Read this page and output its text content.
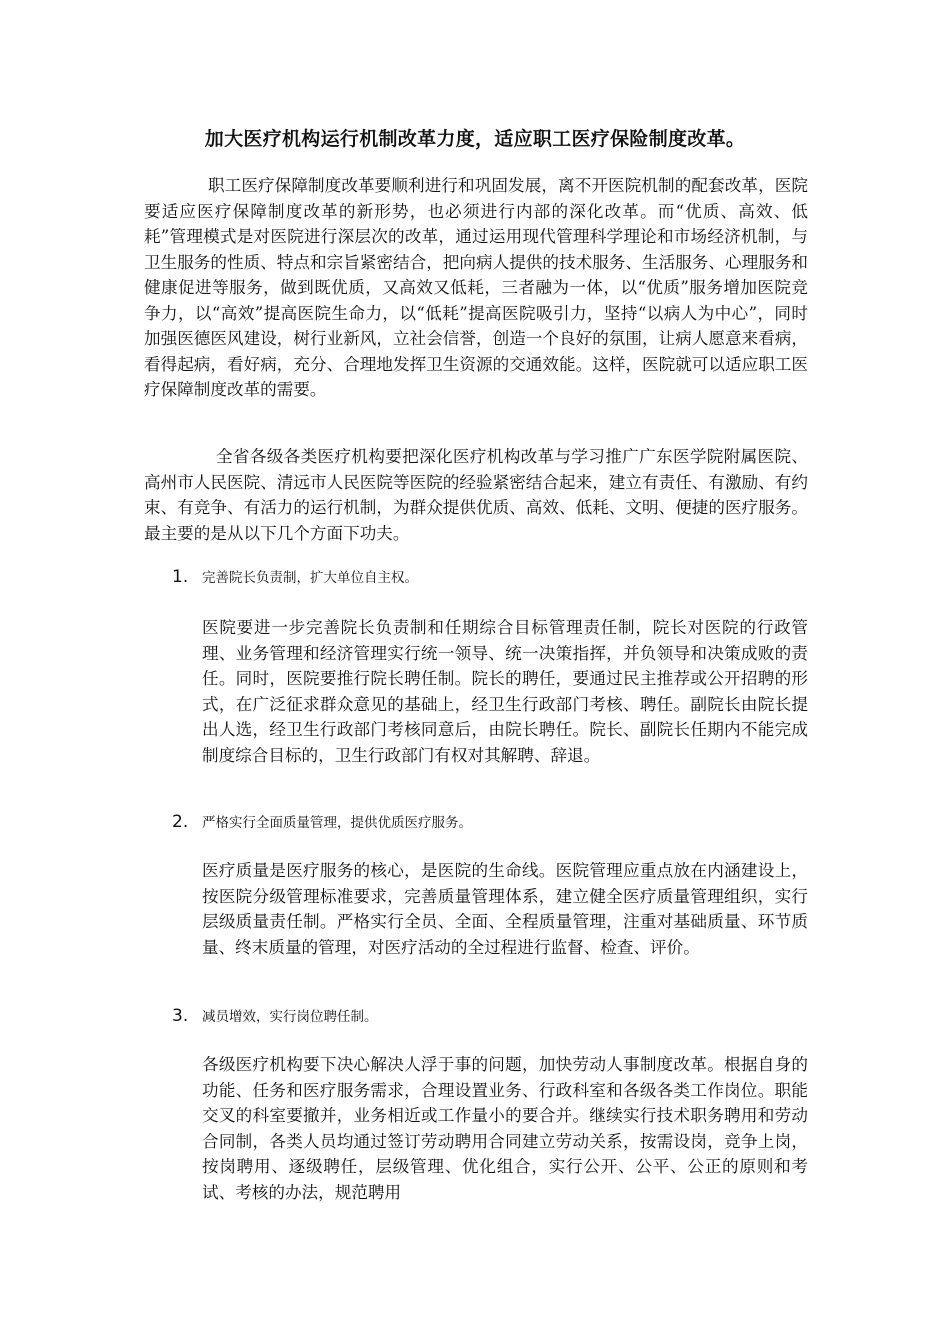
加大医疗机构运行机制改革力度，适应职工医疗保险制度改革。

职工医疗保障制度改革要顺利进行和巩固发展，离不开医院机制的配套改革，医院要适应医疗保障制度改革的新形势，也必须进行内部的深化改革。而“优质、高效、低耗”管理模式是对医院进行深层次的改革，通过运用现代管理科学理论和市场经济机制，与卫生服务的性质、特点和宗旨紧密结合，把向病人提供的技术服务、生活服务、心理服务和健康促进等服务，做到既优质，又高效又低耗，三者融为一体，以“优质”服务增加医院竞争力，以“高效”提高医院生命力，以“低耗”提高医院吸引力，坚持“以病人为中心”，同时加强医德医风建设，树行业新风，立社会信誉，创造一个良好的氛围，让病人愿意来看病，看得起病，看好病，充分、合理地发挥卫生资源的交通效能。这样，医院就可以适应职工医疗保障制度改革的需要。

全省各级各类医疗机构要把深化医疗机构改革与学习推广广东医学院附属医院、高州市人民医院、清远市人民医院等医院的经验紧密结合起来，建立有责任、有激励、有约束、有竞争、有活力的运行机制，为群众提供优质、高效、低耗、文明、便捷的医疗服务。最主要的是从以下几个方面下功夫。

1.	完善院长负责制，扩大单位自主权。

医院要进一步完善院长负责制和任期综合目标管理责任制，院长对医院的行政管理、业务管理和经济管理实行统一领导、统一决策指挥，并负领导和决策成败的责任。同时，医院要推行院长聘任制。院长的聘任，要通过民主推荐或公开招聘的形式，在广泛征求群众意见的基础上，经卫生行政部门考核、聘任。副院长由院长提出人选，经卫生行政部门考核同意后，由院长聘任。院长、副院长任期内不能完成制度综合目标的，卫生行政部门有权对其解聘、辞退。

2.	严格实行全面质量管理，提供优质医疗服务。

医疗质量是医疗服务的核心，是医院的生命线。医院管理应重点放在内涵建设上，按医院分级管理标准要求，完善质量管理体系，建立健全医疗质量管理组织，实行层级质量责任制。严格实行全员、全面、全程质量管理，注重对基础质量、环节质量、终末质量的管理，对医疗活动的全过程进行监督、检查、评价。

3.	减员增效，实行岗位聘任制。

各级医疗机构要下决心解决人浮于事的问题，加快劳动人事制度改革。根据自身的功能、任务和医疗服务需求，合理设置业务、行政科室和各级各类工作岗位。职能交叉的科室要撤并，业务相近或工作量小的要合并。继续实行技术职务聘用和劳动合同制，各类人员均通过签订劳动聘用合同建立劳动关系，按需设岗，竞争上岗，按岗聘用、逐级聘任，层级管理、优化组合，实行公开、公平、公正的原则和考试、考核的办法，规范聘用
